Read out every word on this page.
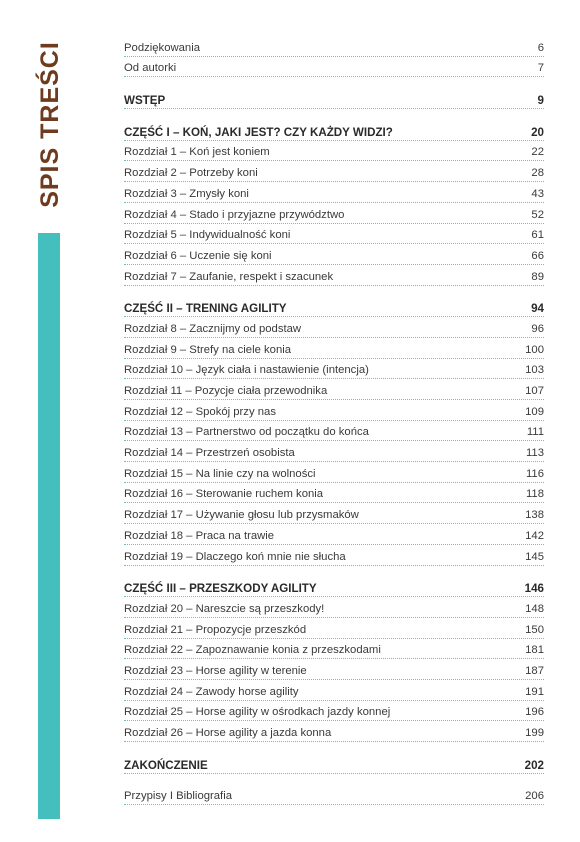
SPIS TREŚCI	Podziękowania	6
Od autorki	7
WSTĘP	9
CZĘŚĆ I – KOŃ, JAKI JEST? CZY KAŻDY WIDZI?	20
Rozdział 1 – Koń jest koniem	22
Rozdział 2 – Potrzeby koni	28
Rozdział 3 – Zmysły koni	43
Rozdział 4 – Stado i przyjazne przywództwo	52
Rozdział 5 – Indywidualność koni	61
Rozdział 6 – Uczenie się koni	66
Rozdział 7 – Zaufanie, respekt i szacunek	89
CZĘŚĆ II – TRENING AGILITY	94
Rozdział 8 – Zacznijmy od podstaw	96
Rozdział 9 – Strefy na ciele konia	100
Rozdział 10 – Język ciała i nastawienie (intencja)	103
Rozdział 11 – Pozycje ciała przewodnika	107
Rozdział 12 – Spokój przy nas	109
Rozdział 13 – Partnerstwo od początku do końca	111
Rozdział 14 – Przestrzeń osobista	113
Rozdział 15 – Na linie czy na wolności	116
Rozdział 16 – Sterowanie ruchem konia	118
Rozdział 17 – Używanie głosu lub przysmaków	138
Rozdział 18 – Praca na trawie	142
Rozdział 19 – Dlaczego koń mnie nie słucha	145
CZĘŚĆ III – PRZESZKODY AGILITY	146
Rozdział 20 – Nareszcie są przeszkody!	148
Rozdział 21 – Propozycje przeszkód	150
Rozdział 22 – Zapoznawanie konia z przeszkodami	181
Rozdział 23 – Horse agility w terenie	187
Rozdział 24 – Zawody horse agility	191
Rozdział 25 – Horse agility w ośrodkach jazdy konnej	196
Rozdział 26 – Horse agility a jazda konna	199
ZAKOŃCZENIE	202
Przypisy I Bibliografia	206
